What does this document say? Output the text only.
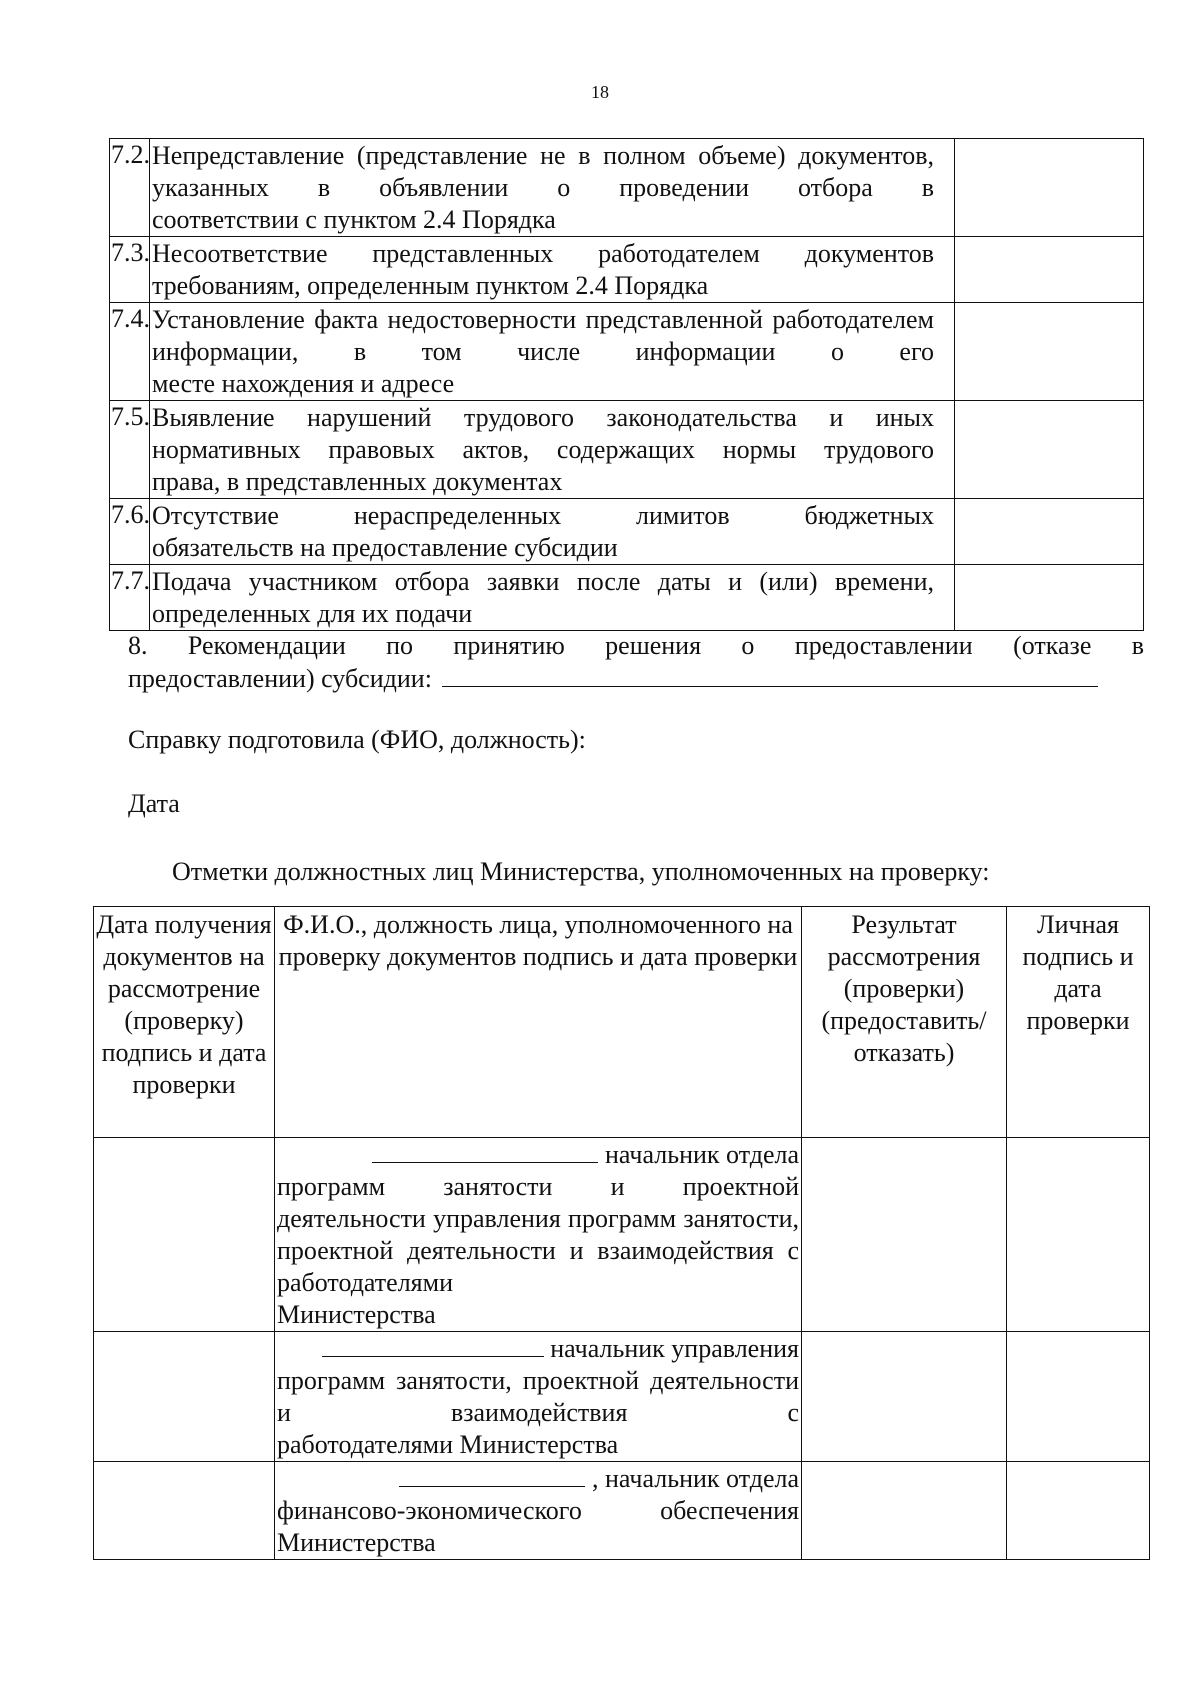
18
7.2.	Непредставление (представление не в полном объеме) документов, указанных в объявлении о проведении отбора в
соответствии с пунктом 2.4 Порядка	

7.3.	Несоответствие представленных работодателем документов
требованиям, определенным пунктом 2.4 Порядка	

7.4.	Установление факта недостоверности представленной работодателем информации, в том числе информации о его
месте нахождения и адресе	

7.5.	Выявление нарушений трудового законодательства и иных нормативных правовых актов, содержащих нормы трудового
права, в представленных документах	

7.6.	Отсутствие нераспределенных лимитов бюджетных
обязательств на предоставление субсидии	

7.7.	Подача участником отбора заявки после даты и (или) времени,
определенных для их подачи	

8. Рекомендации по принятию решения о предоставлении (отказе в
предоставлении) субсидии:
Справку подготовила (ФИО, должность):
Дата
Отметки должностных лиц Министерства, уполномоченных на проверку:
Дата получения документов на рассмотрение (проверку) подпись и дата проверки	Ф.И.О., должность лица, уполномоченного на проверку документов подпись и дата проверки	Результат рассмотрения (проверки) (предоставить/отказать)	Личная подпись и дата проверки

	начальник отдела
программ занятости и проектной деятельности управления программ занятости, проектной деятельности и взаимодействия с работодателями
Министерства		

	начальник управления
программ занятости, проектной деятельности и взаимодействия с
работодателями Министерства		

	, начальник отдела
финансово-экономического обеспечения
Министерства		
